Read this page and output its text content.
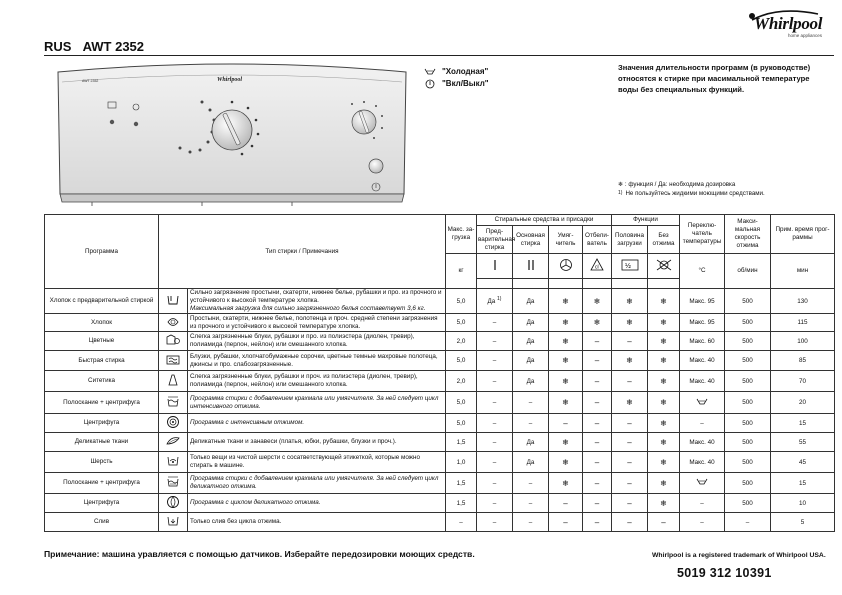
Whirlpool
home appliances
RUS AWT 2352
AWT 2352	Whirlpool
"Холодная"
"Вкл/Выкл"
Значения длительности программ (в руководстве) относятся к стирке при масимальной температуре воды без специальных функций.
❄ : функция / Да: необходима дозировка
1) Не пользуйтесь жидкими моющими средствами.
Программа	Тип стирки / Примечания		Макс. за- грузка	Стиральные средства и присадки				Функции		Переклю- чатель температуры	Макси- мальная скорость отжима	Прим. время прог- раммы
				Пред- варительная стирка	Основная стирка	Умяг- читель	Отбели- ватель	Половина загрузки	Без отжима			
			кг				cl	½		°C	об/мин	мин

Хлопок с предварительной стиркой		Сильно загрязнение простыни, скатерти, нижнее белье, рубашки и про. из прочного и устойчивого к высокой температуре хлопка.
Максимальная загрузка для сильно загрязненного белья составетвует 3,6 кг.	5,0	Да $^{1)}$	Да	❄	❄	❄	❄	Макс. 95	500	130
Хлопок		Простыни, скатерти, нижнее белье, полотенца и проч. средней степени загрязнения из прочного и устойчивого к высокой температуре хлопка.	5,0	–	Да	❄	❄	❄	❄	Макс. 95	500	115
Цветные		Слегка загрязненные блуки, рубашки и про. из полиэстера (диолен, тревир), полиамида (перлон, нейлон) или смешанного хлопка.	2,0	–	Да	❄	–	–	❄	Макс. 60	500	100
Быстрая стирка		Блузки, рубашки, хлопчатобумажные сорочки, цветные темные махровые полотеца, джинсы и про. слабозагрязненные.	5,0	–	Да	❄	–	❄	❄	Макс. 40	500	85
Ситетика		Слегка загрязненные блуки, рубашки и проч. из полиэстера (диолен, тревир), полиамида (перлон, нейлон) или смешанного хлопка.	2,0	–	Да	❄	–	–	❄	Макс. 40	500	70
Полоскание + центрифуга		Программа стирки с добавлением крахмала или умягчителя. За ней следует цикл интенсивного отжима.	5,0	–	–	❄	–	❄	❄		500	20
Центрифуга		Программа с интенсивным отжимом.	5,0	–	–	–	–	–	❄	–	500	15
Деликатные ткани		Деликатные ткани и занавеси (платья, юбки, рубашки, блузки и проч.).	1,5	–	Да	❄	–	–	❄	Макс. 40	500	55
Шерсть		Только вещи из чистой шерсти с сосатветствующей этикеткой, которые можно стирать в машине.	1,0	–	Да	❄	–	–	❄	Макс. 40	500	45
Полоскание + центрифуга		Программа стирки с добавлением крахмала или умягчителя. За ней следует цикл деликатного отжима.	1,5	–	–	❄	–	–	❄		500	15
Центрифуга		Программа с циклом деликатного отжима.	1,5	–	–	–	–	–	❄	–	500	10
Слив		Только слив без цикла отжима.	–	–	–	–	–	–	–	–	–	5
Примечание: машина уравляется с помощью датчиков. Изберайте передозировки моющих средств.	Whirlpool is a registered trademark of Whirlpool USA.
5019 312 10391
